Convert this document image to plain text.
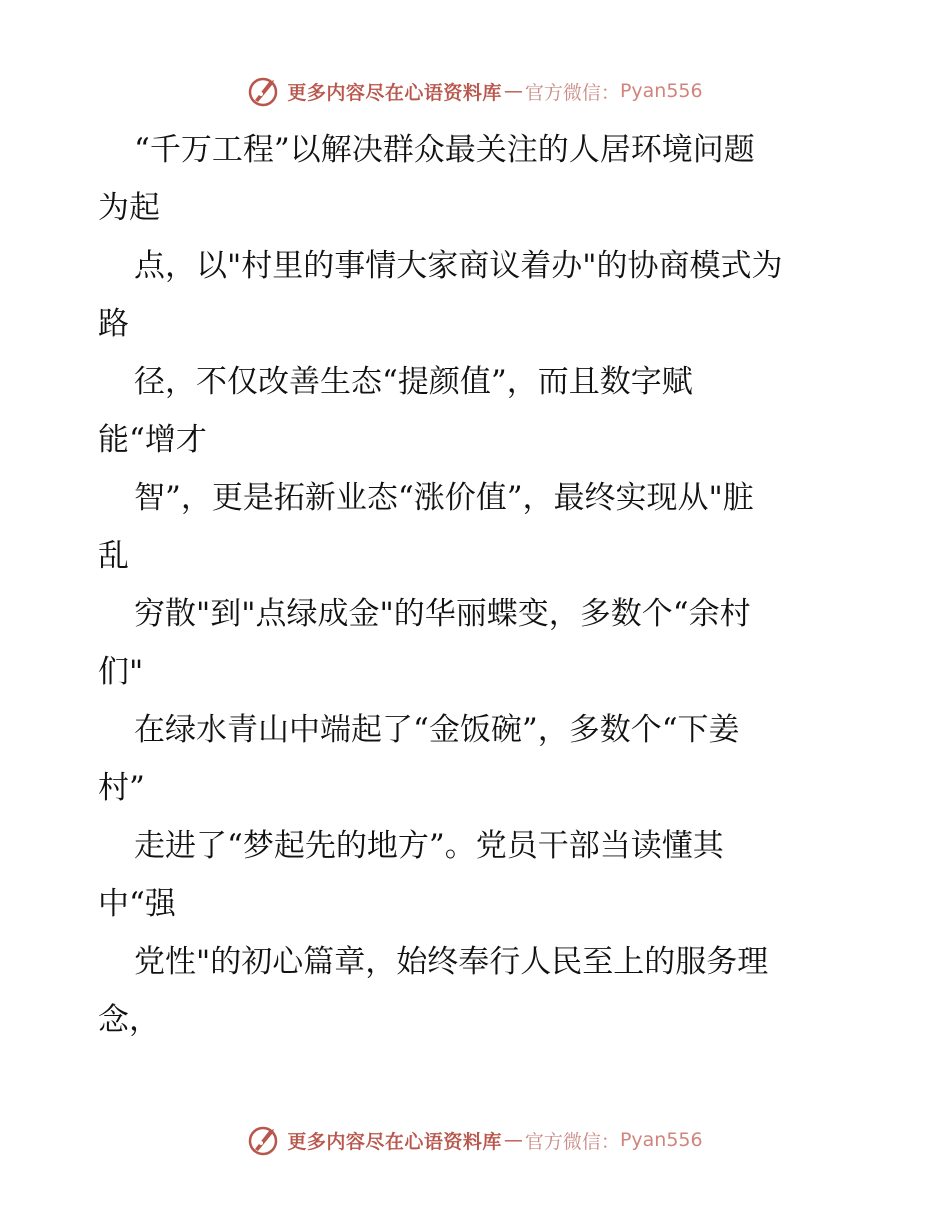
更多内容尽在心语资料库 — 官方微信： Pyan556
“千万工程”以解决群众最关注的人居环境问题
为起
点，以"村里的事情大家商议着办"的协商模式为
路
径，不仅改善生态“提颜值”，而且数字赋
能“增才
智”，更是拓新业态“涨价值”，最终实现从"脏
乱
穷散"到"点绿成金"的华丽蝶变，多数个“余村
们"
在绿水青山中端起了“金饭碗”，多数个“下姜
村”
走进了“梦起先的地方”。党员干部当读懂其
中“强
党性"的初心篇章，始终奉行人民至上的服务理
念，
更多内容尽在心语资料库 — 官方微信： Pyan556
